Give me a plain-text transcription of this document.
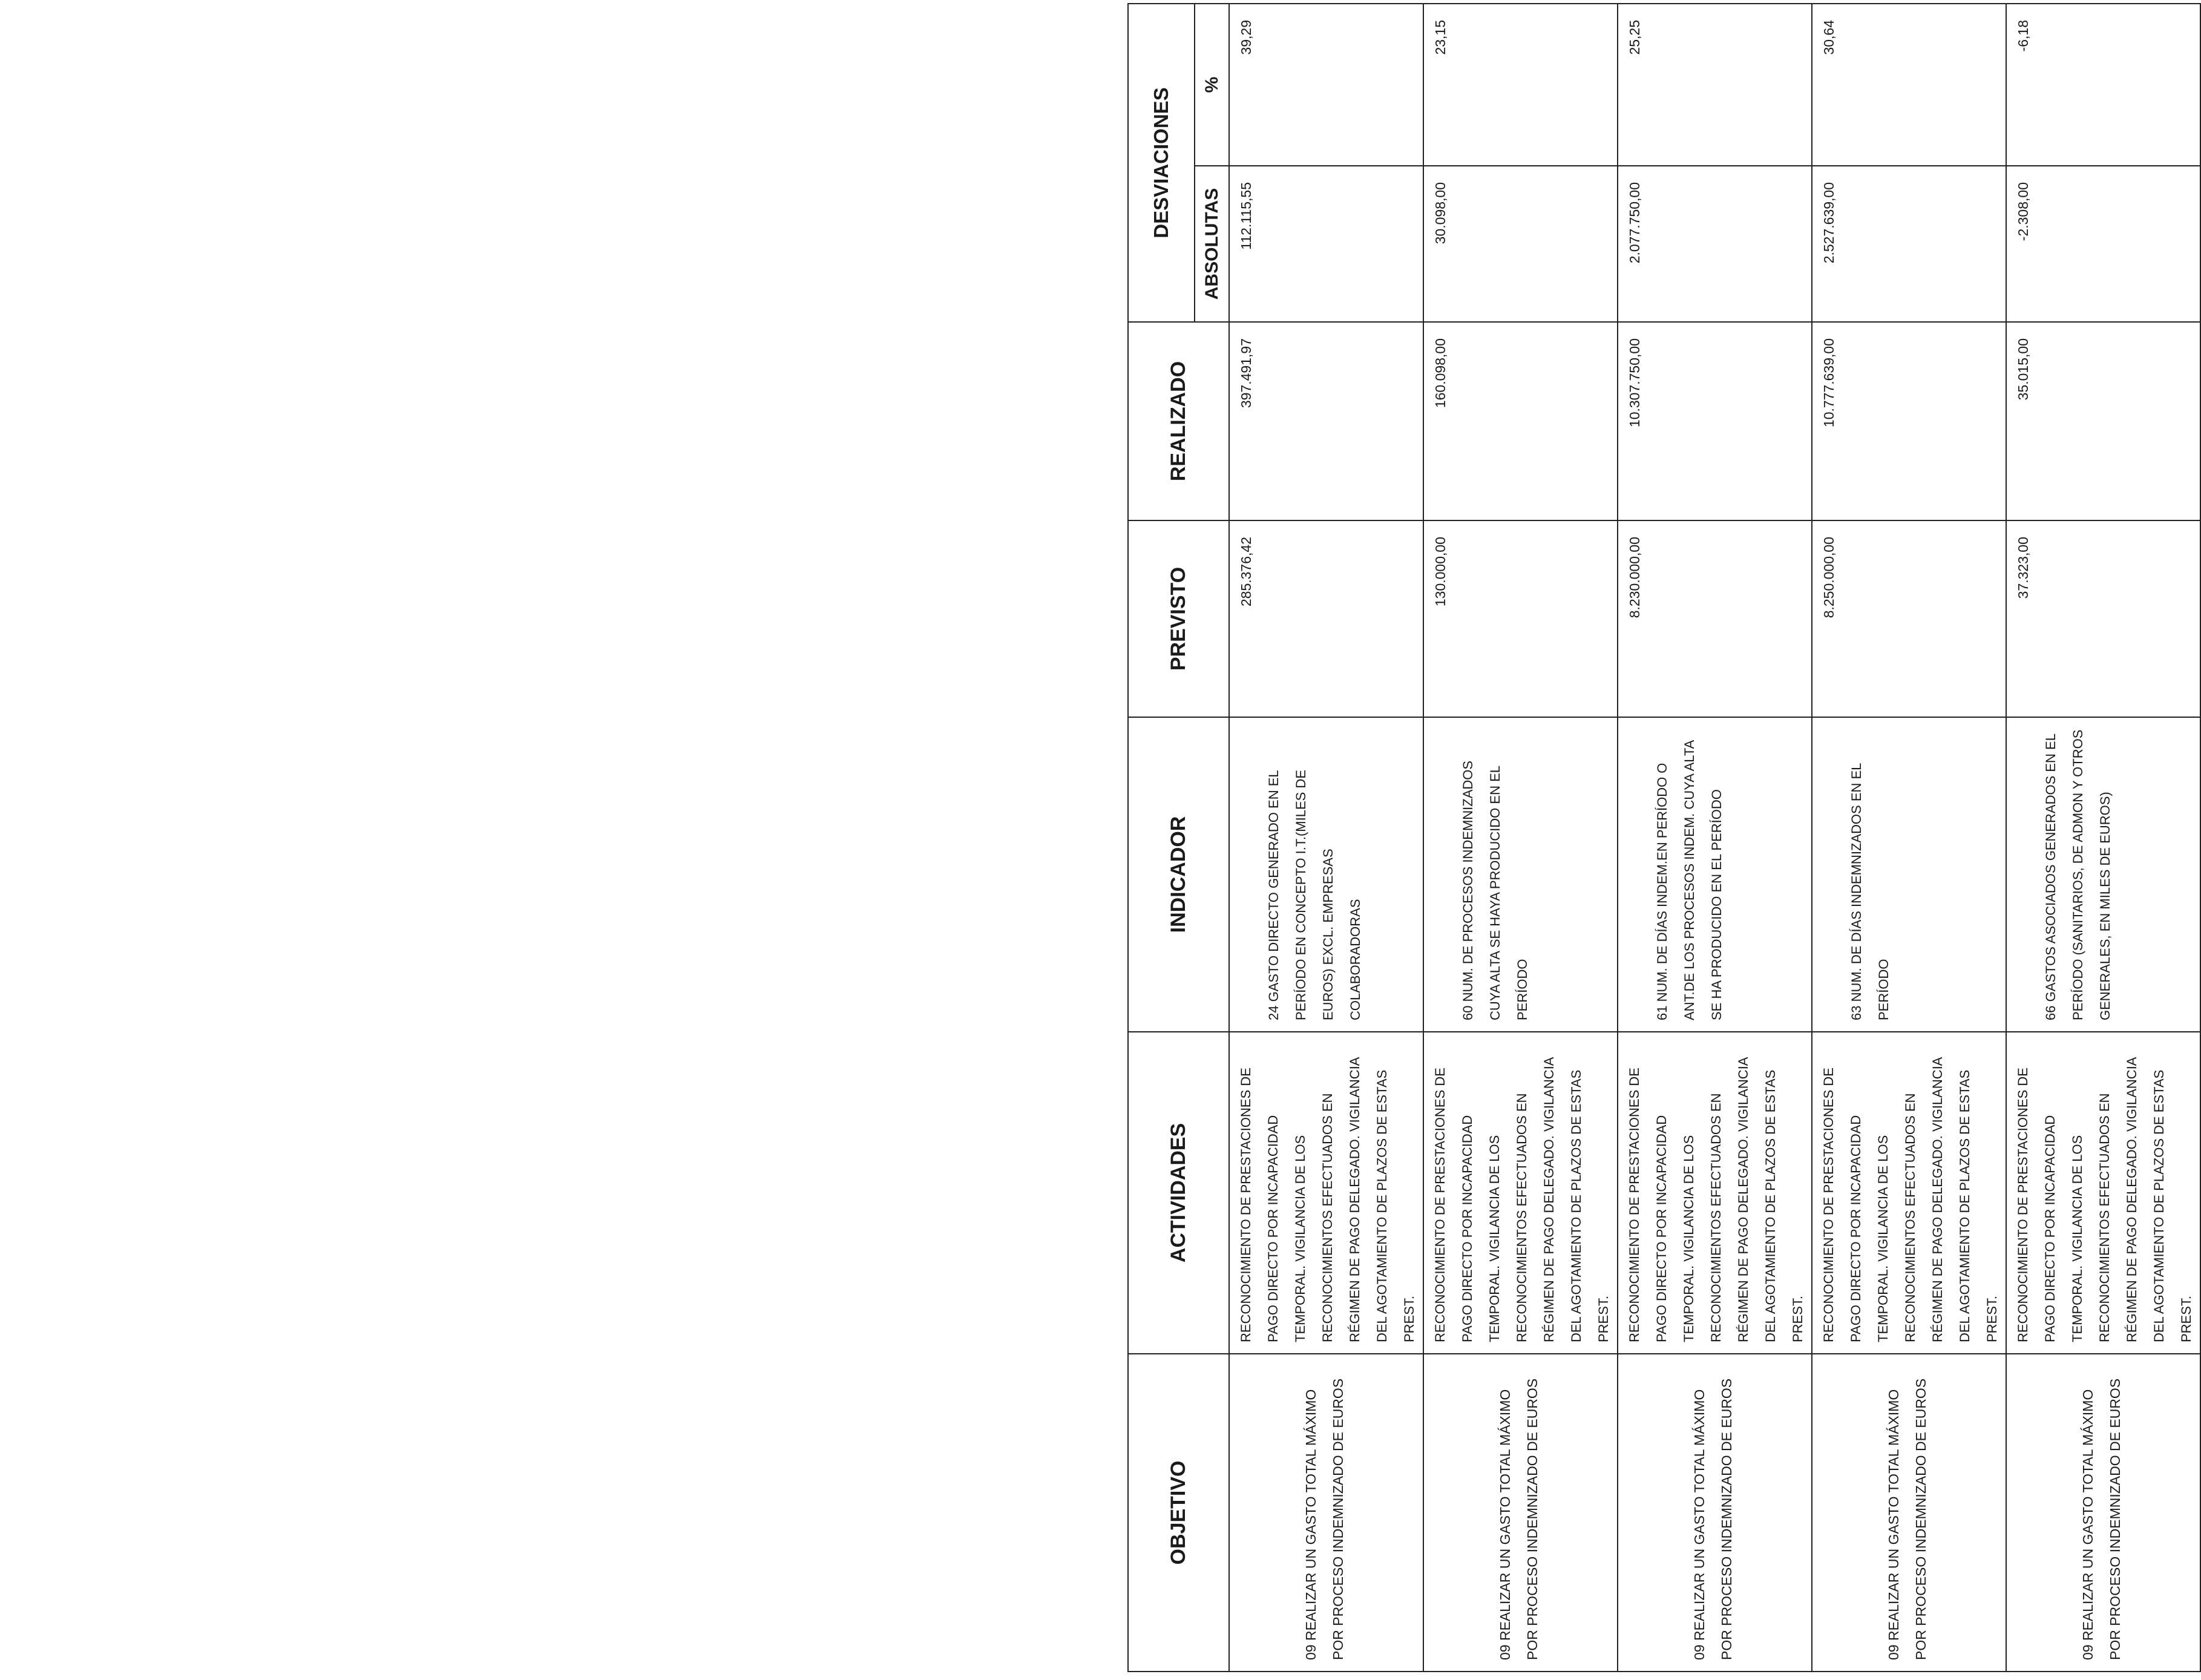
OBJETIVO	ACTIVIDADES	INDICADOR	PREVISTO	REALIZADO	DESVIACIONES	
					ABSOLUTAS	%

09 REALIZAR UN GASTO TOTAL MÁXIMO POR PROCESO INDEMNIZADO DE EUROS	RECONOCIMIENTO DE PRESTACIONES DE PAGO DIRECTO POR INCAPACIDAD TEMPORAL. VIGILANCIA DE LOS RECONOCIMIENTOS EFECTUADOS EN RÉGIMEN DE PAGO DELEGADO. VIGILANCIA DEL AGOTAMIENTO DE PLAZOS DE ESTAS PREST.	24 GASTO DIRECTO GENERADO EN EL PERÍODO EN CONCEPTO I.T.(MILES DE EUROS) EXCL. EMPRESAS COLABORADORAS	285.376,42	397.491,97	112.115,55	39,29

09 REALIZAR UN GASTO TOTAL MÁXIMO POR PROCESO INDEMNIZADO DE EUROS	RECONOCIMIENTO DE PRESTACIONES DE PAGO DIRECTO POR INCAPACIDAD TEMPORAL. VIGILANCIA DE LOS RECONOCIMIENTOS EFECTUADOS EN RÉGIMEN DE PAGO DELEGADO. VIGILANCIA DEL AGOTAMIENTO DE PLAZOS DE ESTAS PREST.	60 NUM. DE PROCESOS INDEMNIZADOS CUYA ALTA SE HAYA PRODUCIDO EN EL PERÍODO	130.000,00	160.098,00	30.098,00	23,15

09 REALIZAR UN GASTO TOTAL MÁXIMO POR PROCESO INDEMNIZADO DE EUROS	RECONOCIMIENTO DE PRESTACIONES DE PAGO DIRECTO POR INCAPACIDAD TEMPORAL. VIGILANCIA DE LOS RECONOCIMIENTOS EFECTUADOS EN RÉGIMEN DE PAGO DELEGADO. VIGILANCIA DEL AGOTAMIENTO DE PLAZOS DE ESTAS PREST.	61 NUM. DE DÍAS INDEM.EN PERÍODO O ANT.DE LOS PROCESOS INDEM. CUYA ALTA SE HA PRODUCIDO EN EL PERÍODO	8.230.000,00	10.307.750,00	2.077.750,00	25,25

09 REALIZAR UN GASTO TOTAL MÁXIMO POR PROCESO INDEMNIZADO DE EUROS	RECONOCIMIENTO DE PRESTACIONES DE PAGO DIRECTO POR INCAPACIDAD TEMPORAL. VIGILANCIA DE LOS RECONOCIMIENTOS EFECTUADOS EN RÉGIMEN DE PAGO DELEGADO. VIGILANCIA DEL AGOTAMIENTO DE PLAZOS DE ESTAS PREST.	63 NUM. DE DÍAS INDEMNIZADOS EN EL PERÍODO	8.250.000,00	10.777.639,00	2.527.639,00	30,64

09 REALIZAR UN GASTO TOTAL MÁXIMO POR PROCESO INDEMNIZADO DE EUROS	RECONOCIMIENTO DE PRESTACIONES DE PAGO DIRECTO POR INCAPACIDAD TEMPORAL. VIGILANCIA DE LOS RECONOCIMIENTOS EFECTUADOS EN RÉGIMEN DE PAGO DELEGADO. VIGILANCIA DEL AGOTAMIENTO DE PLAZOS DE ESTAS PREST.	66 GASTOS ASOCIADOS GENERADOS EN EL PERÍODO (SANITARIOS, DE ADMON Y OTROS GENERALES, EN MILES DE EUROS)	37.323,00	35.015,00	-2.308,00	-6,18
